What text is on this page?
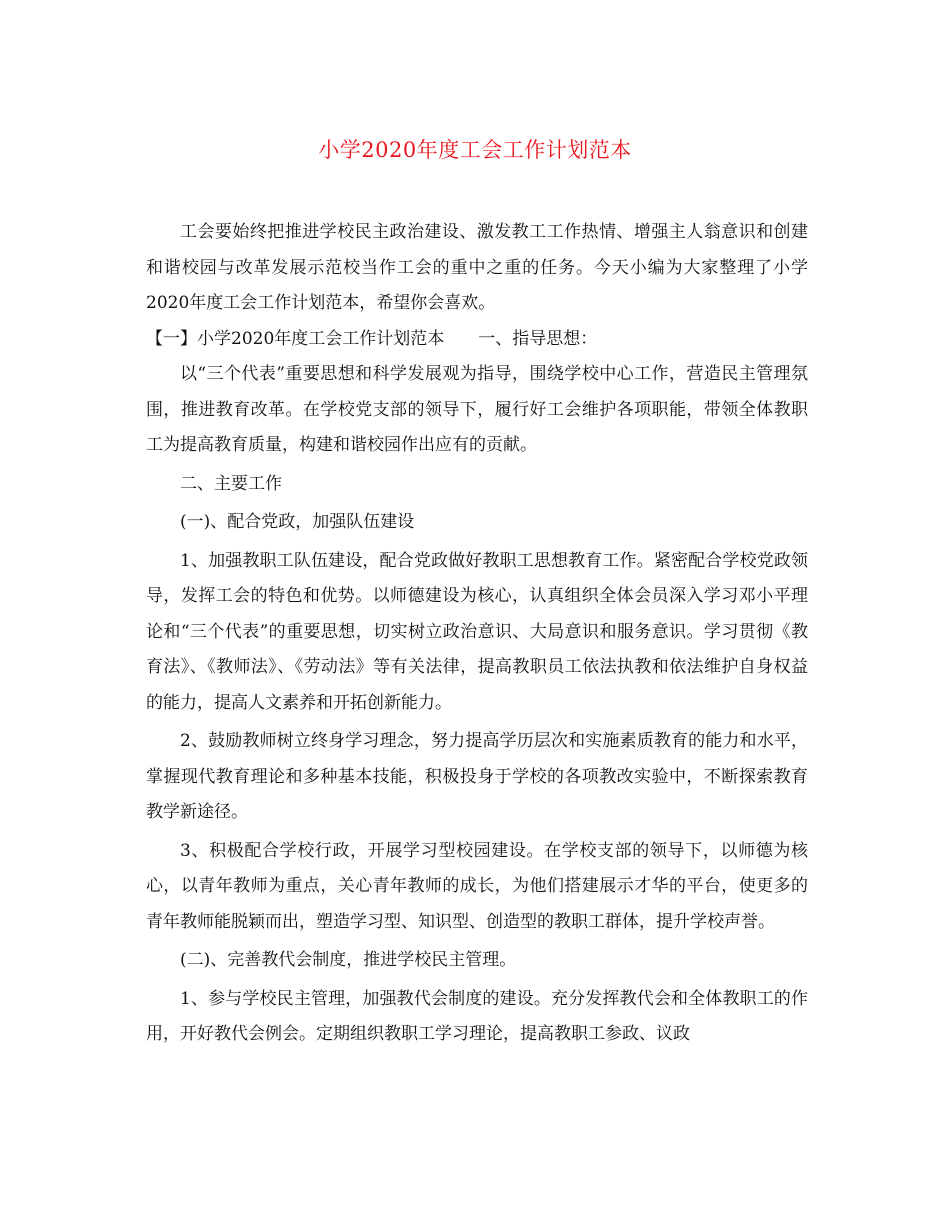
小学2020年度工会工作计划范本

工会要始终把推进学校民主政治建设、激发教工工作热情、增强主人翁意识和创建和谐校园与改革发展示范校当作工会的重中之重的任务。今天小编为大家整理了小学2020年度工会工作计划范本，希望你会喜欢。

【一】小学2020年度工会工作计划范本　　一、指导思想：

以“三个代表”重要思想和科学发展观为指导，围绕学校中心工作，营造民主管理氛围，推进教育改革。在学校党支部的领导下，履行好工会维护各项职能，带领全体教职工为提高教育质量，构建和谐校园作出应有的贡献。

二、主要工作

(一)、配合党政，加强队伍建设

1、加强教职工队伍建设，配合党政做好教职工思想教育工作。紧密配合学校党政领导，发挥工会的特色和优势。以师德建设为核心，认真组织全体会员深入学习邓小平理论和“三个代表”的重要思想，切实树立政治意识、大局意识和服务意识。学习贯彻《教育法》、《教师法》、《劳动法》等有关法律，提高教职员工依法执教和依法维护自身权益的能力，提高人文素养和开拓创新能力。

2、鼓励教师树立终身学习理念，努力提高学历层次和实施素质教育的能力和水平，掌握现代教育理论和多种基本技能，积极投身于学校的各项教改实验中，不断探索教育教学新途径。

3、积极配合学校行政，开展学习型校园建设。在学校支部的领导下，以师德为核心，以青年教师为重点，关心青年教师的成长，为他们搭建展示才华的平台，使更多的青年教师能脱颖而出，塑造学习型、知识型、创造型的教职工群体，提升学校声誉。

(二)、完善教代会制度，推进学校民主管理。

1、参与学校民主管理，加强教代会制度的建设。充分发挥教代会和全体教职工的作用，开好教代会例会。定期组织教职工学习理论，提高教职工参政、议政
